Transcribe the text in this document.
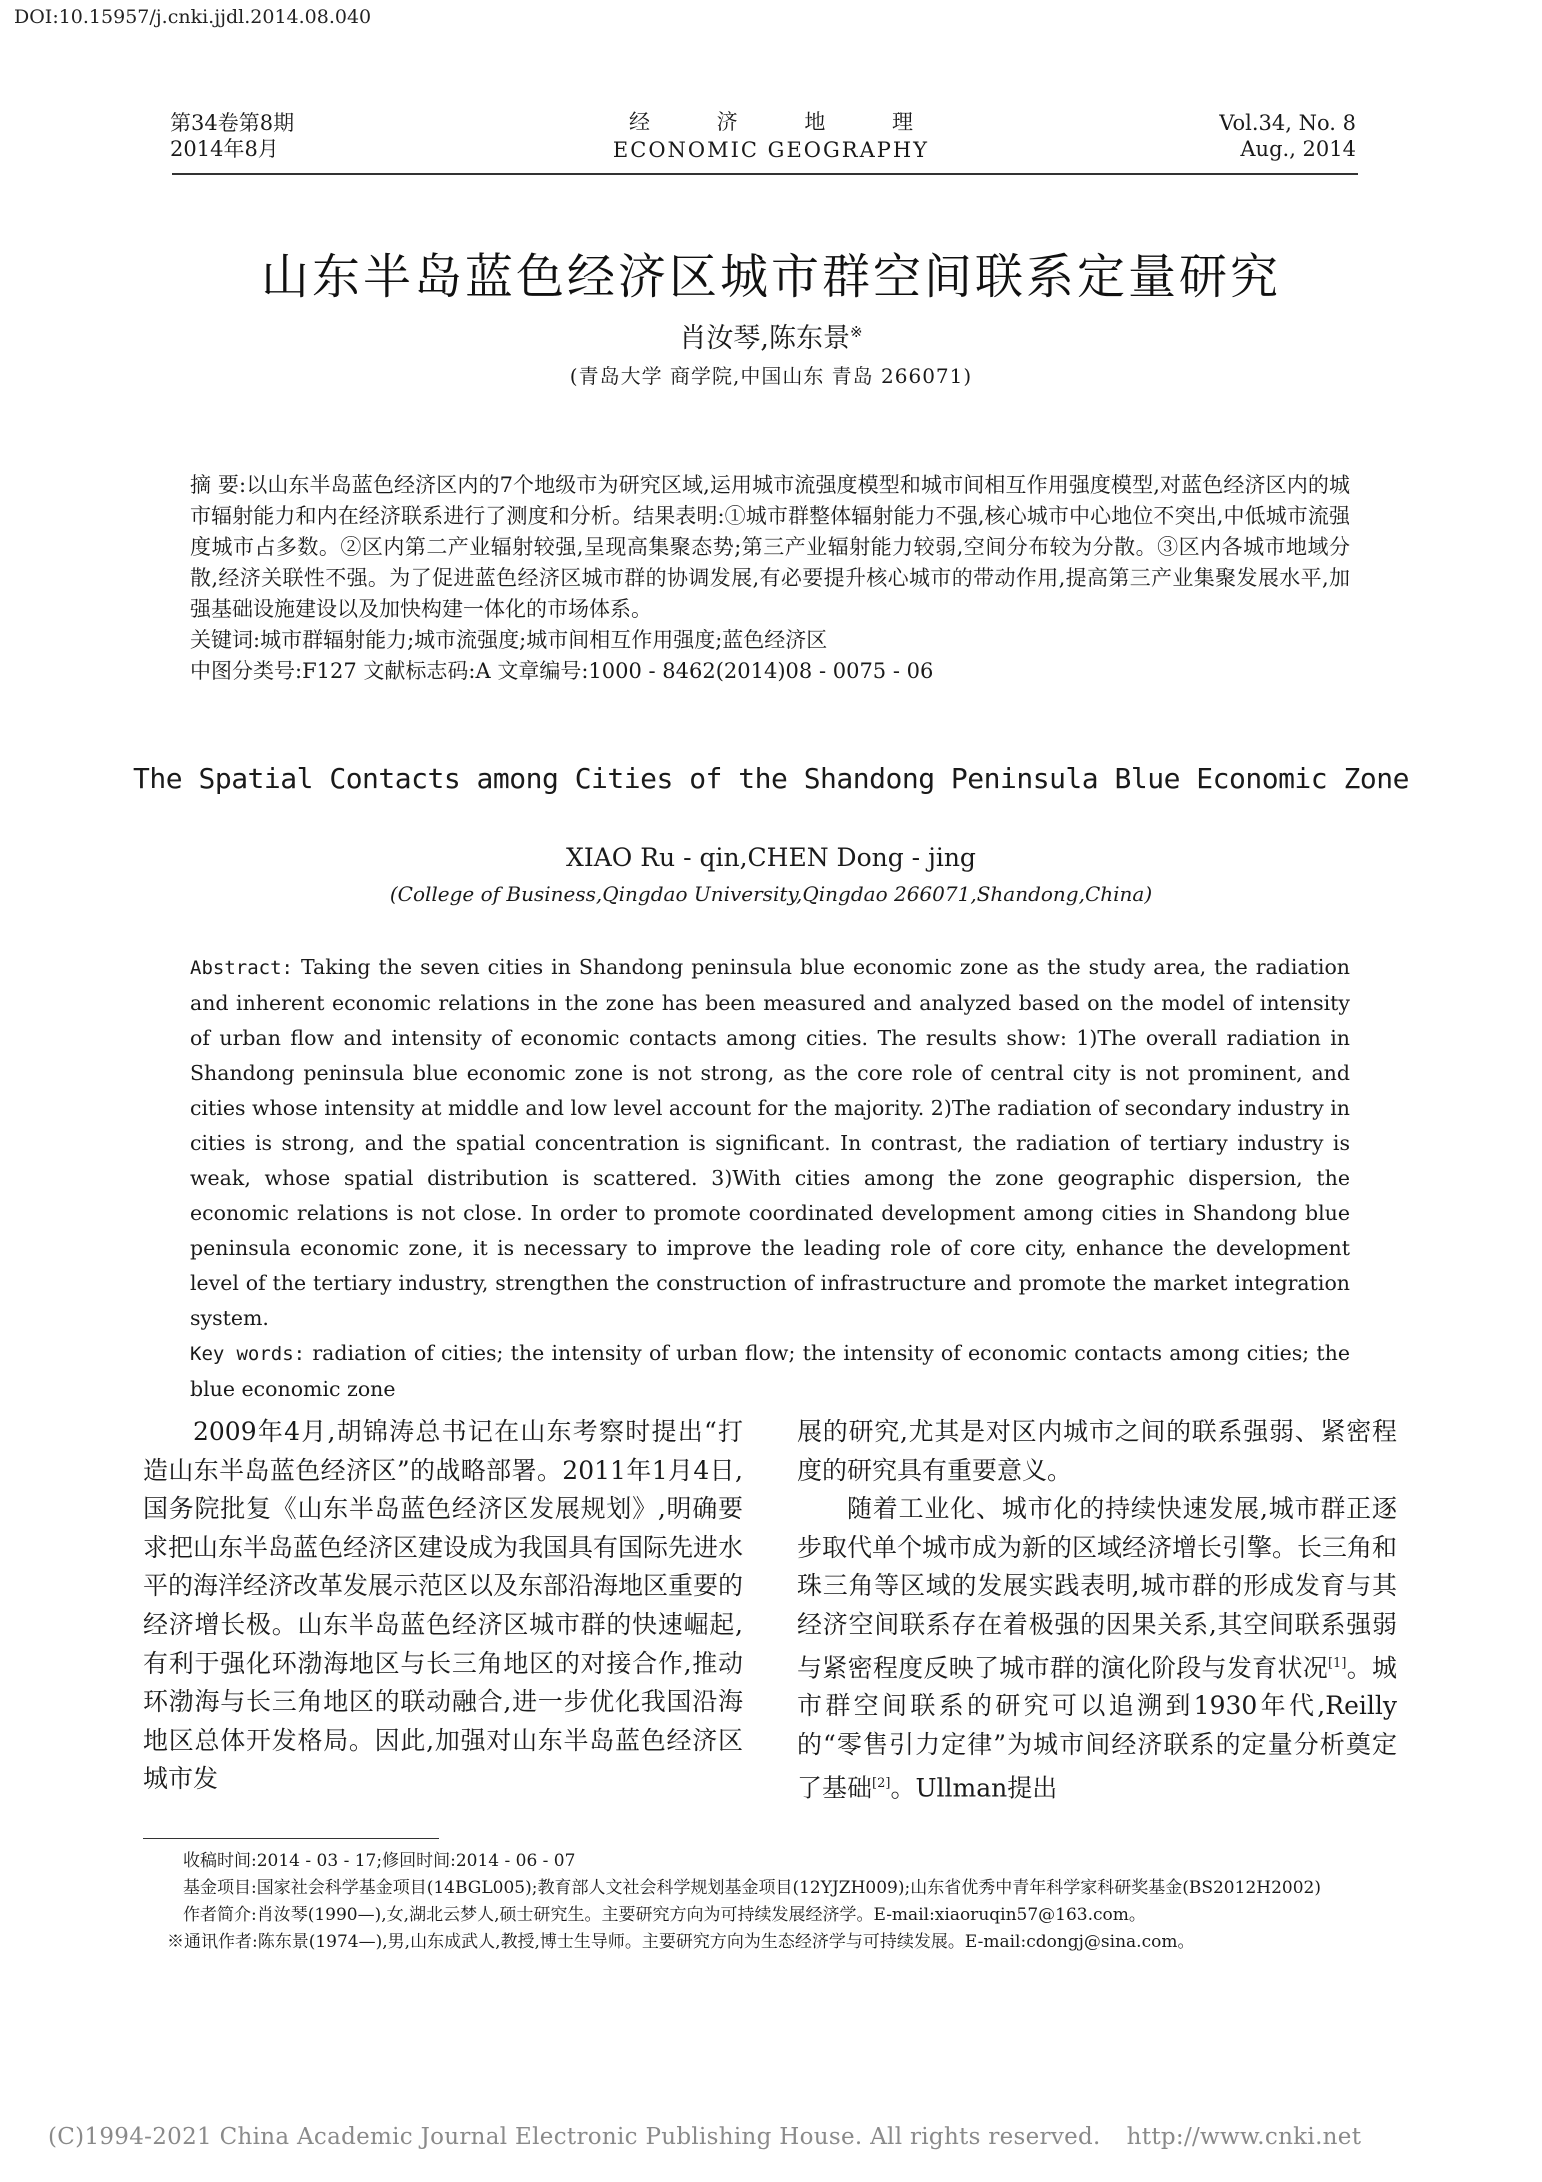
DOI:10.15957/j.cnki.jjdl.2014.08.040
第34卷第8期
2014年8月
经 济 地 理
ECONOMIC GEOGRAPHY
Vol.34, No. 8
Aug., 2014
山东半岛蓝色经济区城市群空间联系定量研究
肖汝琴,陈东景※
(青岛大学 商学院,中国山东 青岛 266071)

摘 要:以山东半岛蓝色经济区内的7个地级市为研究区域,运用城市流强度模型和城市间相互作用强度模型,对蓝色经济区内的城市辐射能力和内在经济联系进行了测度和分析。结果表明:①城市群整体辐射能力不强,核心城市中心地位不突出,中低城市流强度城市占多数。②区内第二产业辐射较强,呈现高集聚态势;第三产业辐射能力较弱,空间分布较为分散。③区内各城市地域分散,经济关联性不强。为了促进蓝色经济区城市群的协调发展,有必要提升核心城市的带动作用,提高第三产业集聚发展水平,加强基础设施建设以及加快构建一体化的市场体系。

关键词:城市群辐射能力;城市流强度;城市间相互作用强度;蓝色经济区

中图分类号:F127 文献标志码:A 文章编号:1000 - 8462(2014)08 - 0075 - 06

The Spatial Contacts among Cities of the Shandong Peninsula Blue Economic Zone
XIAO Ru - qin,CHEN Dong - jing
(College of Business,Qingdao University,Qingdao 266071,Shandong,China)

Abstract: Taking the seven cities in Shandong peninsula blue economic zone as the study area, the radiation and inherent economic relations in the zone has been measured and analyzed based on the model of intensity of urban flow and intensity of economic contacts among cities. The results show: 1)The overall radiation in Shandong peninsula blue economic zone is not strong, as the core role of central city is not prominent, and cities whose intensity at middle and low level account for the majority. 2)The radiation of secondary industry in cities is strong, and the spatial concentration is significant. In contrast, the radiation of tertiary industry is weak, whose spatial distribution is scattered. 3)With cities among the zone geographic dispersion, the economic relations is not close. In order to promote coordinated development among cities in Shandong blue peninsula economic zone, it is necessary to improve the leading role of core city, enhance the development level of the tertiary industry, strengthen the construction of infrastructure and promote the market integration system.

Key words: radiation of cities; the intensity of urban flow; the intensity of economic contacts among cities; the blue economic zone

2009年4月,胡锦涛总书记在山东考察时提出“打造山东半岛蓝色经济区”的战略部署。2011年1月4日,国务院批复《山东半岛蓝色经济区发展规划》,明确要求把山东半岛蓝色经济区建设成为我国具有国际先进水平的海洋经济改革发展示范区以及东部沿海地区重要的经济增长极。山东半岛蓝色经济区城市群的快速崛起,有利于强化环渤海地区与长三角地区的对接合作,推动环渤海与长三角地区的联动融合,进一步优化我国沿海地区总体开发格局。因此,加强对山东半岛蓝色经济区城市发

展的研究,尤其是对区内城市之间的联系强弱、紧密程度的研究具有重要意义。

随着工业化、城市化的持续快速发展,城市群正逐步取代单个城市成为新的区域经济增长引擎。长三角和珠三角等区域的发展实践表明,城市群的形成发育与其经济空间联系存在着极强的因果关系,其空间联系强弱与紧密程度反映了城市群的演化阶段与发育状况[1]。城市群空间联系的研究可以追溯到1930年代,Reilly的“零售引力定律”为城市间经济联系的定量分析奠定了基础[2]。Ullman提出

收稿时间:2014 - 03 - 17;修回时间:2014 - 06 - 07
基金项目:国家社会科学基金项目(14BGL005);教育部人文社会科学规划基金项目(12YJZH009);山东省优秀中青年科学家科研奖基金(BS2012H2002)
作者简介:肖汝琴(1990—),女,湖北云梦人,硕士研究生。主要研究方向为可持续发展经济学。E-mail:xiaoruqin57@163.com。
※通讯作者:陈东景(1974—),男,山东成武人,教授,博士生导师。主要研究方向为生态经济学与可持续发展。E-mail:cdongj@sina.com。
(C)1994-2021 China Academic Journal Electronic Publishing House. All rights reserved. http://www.cnki.net
